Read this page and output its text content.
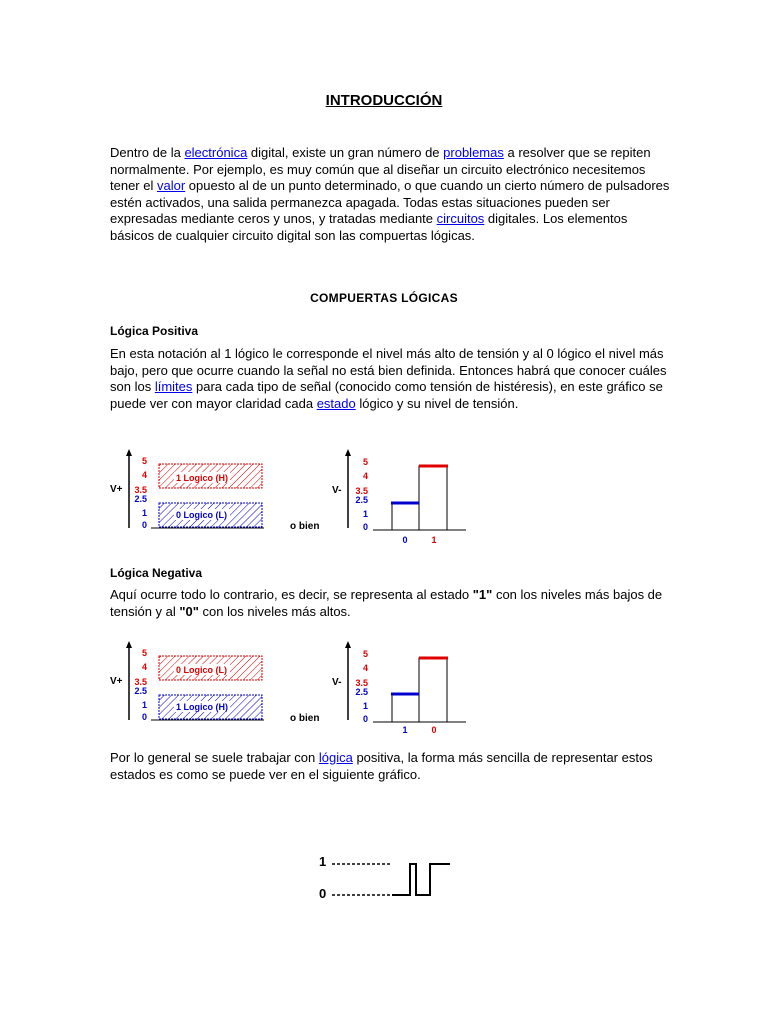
INTRODUCCIÓN
Dentro de la electrónica digital, existe un gran número de problemas a resolver que se repiten normalmente. Por ejemplo, es muy común que al diseñar un circuito electrónico necesitemos tener el valor opuesto al de un punto determinado, o que cuando un cierto número de pulsadores estén activados, una salida permanezca apagada. Todas estas situaciones pueden ser expresadas mediante ceros y unos, y tratadas mediante circuitos digitales. Los elementos básicos de cualquier circuito digital son las compuertas lógicas.
COMPUERTAS LÓGICAS
Lógica Positiva
En esta notación al 1 lógico le corresponde el nivel más alto de tensión y al 0 lógico el nivel más bajo, pero que ocurre cuando la señal no está bien definida. Entonces habrá que conocer cuáles son los límites para cada tipo de señal (conocido como tensión de histéresis), en este gráfico se puede ver con mayor claridad cada estado lógico y su nivel de tensión.
V+
5
4
3.5
2.5
1
0
1 Logico (H)
0 Logico (L)
o bien
V-
5
4
3.5
2.5
1
0
0	1
Lógica Negativa
Aquí ocurre todo lo contrario, es decir, se representa al estado "1" con los niveles más bajos de tensión y al "0" con los niveles más altos.
V+
5
4
3.5
2.5
1
0
0 Logico (L)
1 Logico (H)
o bien
V-
5
4
3.5
2.5
1
0
1	0
Por lo general se suele trabajar con lógica positiva, la forma más sencilla de representar estos estados es como se puede ver en el siguiente gráfico.
1
0
